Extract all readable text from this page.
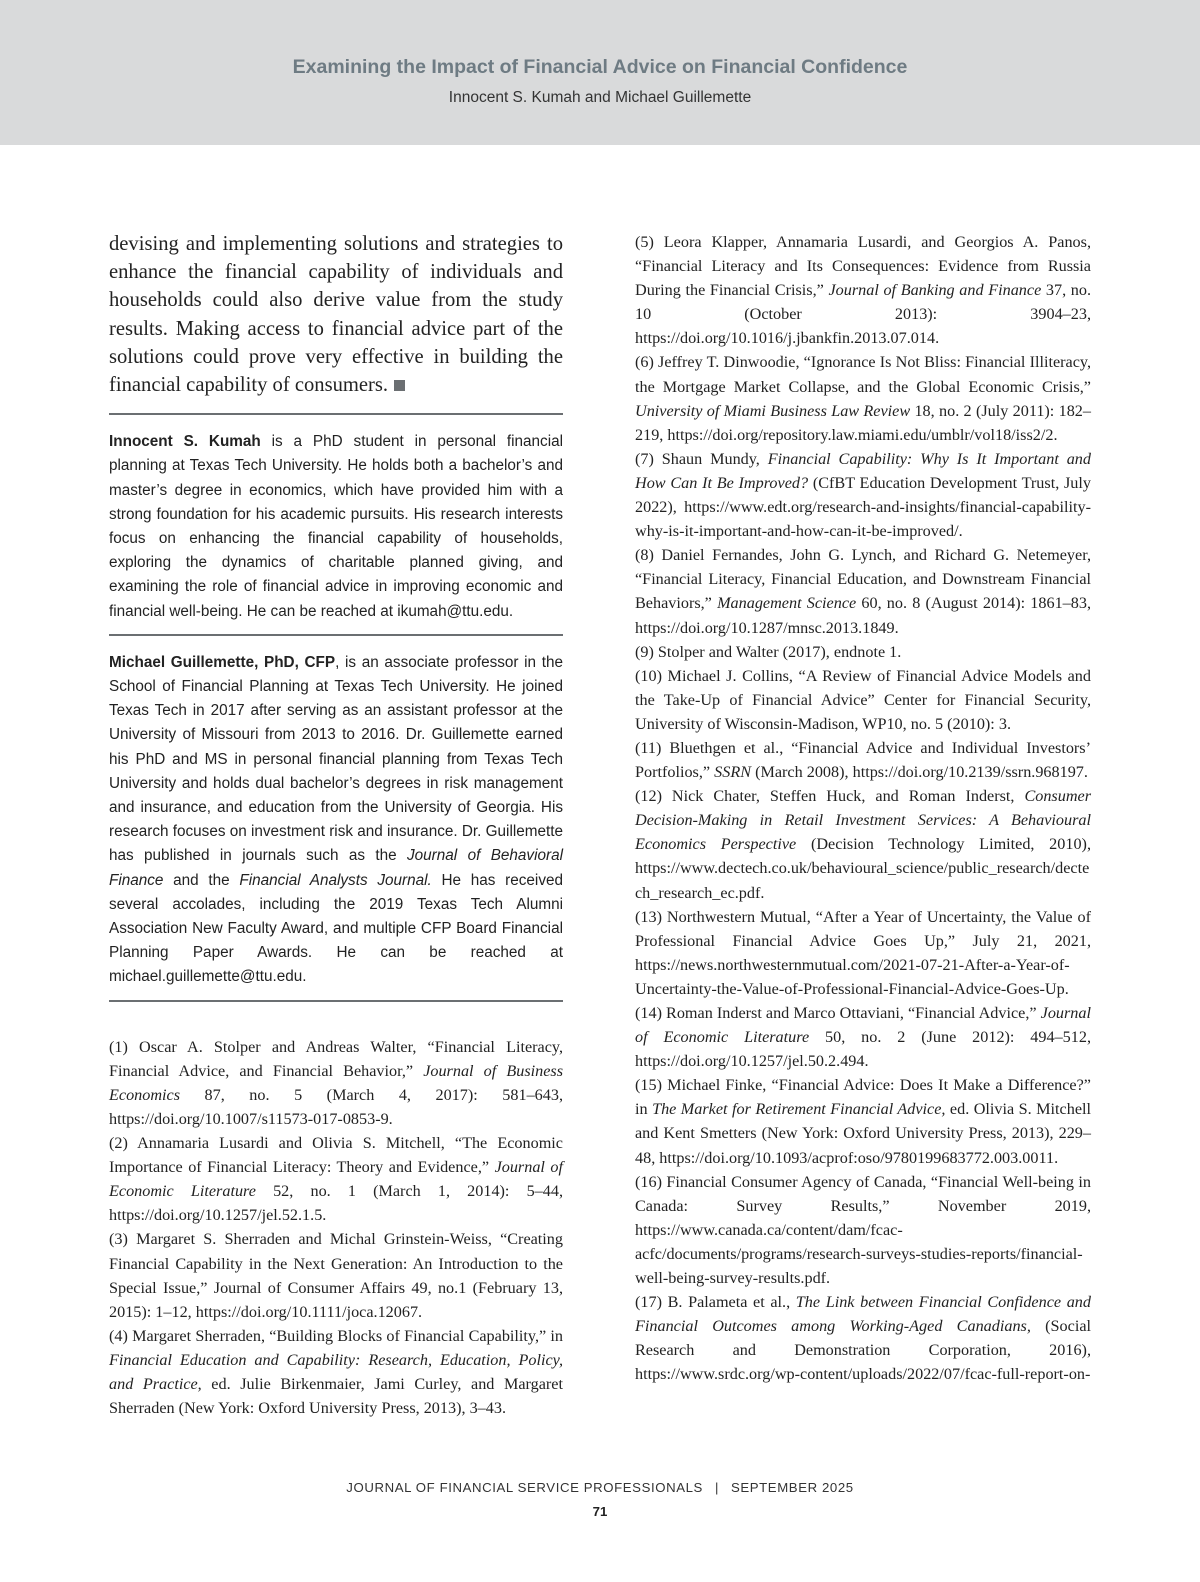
Examining the Impact of Financial Advice on Financial Confidence
Innocent S. Kumah and Michael Guillemette

devising and implementing solutions and strategies to enhance the financial capability of individuals and households could also derive value from the study results. Making access to financial advice part of the solutions could prove very effective in building the financial capability of consumers.

Innocent S. Kumah is a PhD student in personal financial planning at Texas Tech University. He holds both a bachelor’s and master’s degree in economics, which have provided him with a strong foundation for his academic pursuits. His research interests focus on enhancing the financial capability of households, exploring the dynamics of charitable planned giving, and examining the role of financial advice in improving economic and financial well-being. He can be reached at ikumah@ttu.edu.

Michael Guillemette, PhD, CFP, is an associate professor in the School of Financial Planning at Texas Tech University. He joined Texas Tech in 2017 after serving as an assistant professor at the University of Missouri from 2013 to 2016. Dr. Guillemette earned his PhD and MS in personal financial planning from Texas Tech University and holds dual bachelor’s degrees in risk management and insurance, and education from the University of Georgia. His research focuses on investment risk and insurance. Dr. Guillemette has published in journals such as the Journal of Behavioral Finance and the Financial Analysts Journal. He has received several accolades, including the 2019 Texas Tech Alumni Association New Faculty Award, and multiple CFP Board Financial Planning Paper Awards. He can be reached at michael.guillemette@ttu.edu.

(1) Oscar A. Stolper and Andreas Walter, “Financial Literacy, Financial Advice, and Financial Behavior,” Journal of Business Economics 87, no. 5 (March 4, 2017): 581–643, https://doi.org/10.1007/s11573-017-0853-9.

(2) Annamaria Lusardi and Olivia S. Mitchell, “The Economic Importance of Financial Literacy: Theory and Evidence,” Journal of Economic Literature 52, no. 1 (March 1, 2014): 5–44, https://doi.org/10.1257/jel.52.1.5.

(3) Margaret S. Sherraden and Michal Grinstein-Weiss, “Creating Financial Capability in the Next Generation: An Introduction to the Special Issue,” Journal of Consumer Affairs 49, no.1 (February 13, 2015): 1–12, https://doi.org/10.1111/joca.12067.

(4) Margaret Sherraden, “Building Blocks of Financial Capability,” in Financial Education and Capability: Research, Education, Policy, and Practice, ed. Julie Birkenmaier, Jami Curley, and Margaret Sherraden (New York: Oxford University Press, 2013), 3–43.

(5) Leora Klapper, Annamaria Lusardi, and Georgios A. Panos, “Financial Literacy and Its Consequences: Evidence from Russia During the Financial Crisis,” Journal of Banking and Finance 37, no. 10 (October 2013): 3904–23, https://doi.org/10.1016/j.jbankfin.2013.07.014.

(6) Jeffrey T. Dinwoodie, “Ignorance Is Not Bliss: Financial Illiteracy, the Mortgage Market Collapse, and the Global Economic Crisis,” University of Miami Business Law Review 18, no. 2 (July 2011): 182–219, https://doi.org/repository.law.miami.edu/umblr/vol18/iss2/2.

(7) Shaun Mundy, Financial Capability: Why Is It Important and How Can It Be Improved? (CfBT Education Development Trust, July 2022), https://www.edt.org/research-and-insights/financial-capability-why-is-it-important-and-how-can-it-be-improved/.

(8) Daniel Fernandes, John G. Lynch, and Richard G. Netemeyer, “Financial Literacy, Financial Education, and Downstream Financial Behaviors,” Management Science 60, no. 8 (August 2014): 1861–83, https://doi.org/10.1287/mnsc.2013.1849.

(9) Stolper and Walter (2017), endnote 1.

(10) Michael J. Collins, “A Review of Financial Advice Models and the Take-Up of Financial Advice” Center for Financial Security, University of Wisconsin-Madison, WP10, no. 5 (2010): 3.

(11) Bluethgen et al., “Financial Advice and Individual Investors’ Portfolios,” SSRN (March 2008), https://doi.org/10.2139/ssrn.968197.

(12) Nick Chater, Steffen Huck, and Roman Inderst, Consumer Decision-Making in Retail Investment Services: A Behavioural Economics Perspective (Decision Technology Limited, 2010), https://www.dectech.co.uk/behavioural_science/public_research/dectech_research_ec.pdf.

(13) Northwestern Mutual, “After a Year of Uncertainty, the Value of Professional Financial Advice Goes Up,” July 21, 2021, https://news.northwesternmutual.com/2021-07-21-After-a-Year-of-Uncertainty-the-Value-of-Professional-Financial-Advice-Goes-Up.

(14) Roman Inderst and Marco Ottaviani, “Financial Advice,” Journal of Economic Literature 50, no. 2 (June 2012): 494–512, https://doi.org/10.1257/jel.50.2.494.

(15) Michael Finke, “Financial Advice: Does It Make a Difference?” in The Market for Retirement Financial Advice, ed. Olivia S. Mitchell and Kent Smetters (New York: Oxford University Press, 2013), 229–48, https://doi.org/10.1093/acprof:oso/9780199683772.003.0011.

(16) Financial Consumer Agency of Canada, “Financial Well-being in Canada: Survey Results,” November 2019, https://www.canada.ca/content/dam/fcac-acfc/documents/programs/research-surveys-studies-reports/financial-well-being-survey-results.pdf.

(17) B. Palameta et al., The Link between Financial Confidence and Financial Outcomes among Working-Aged Canadians, (Social Research and Demonstration Corporation, 2016), https://www.srdc.org/wp-content/uploads/2022/07/fcac-full-report-on-

JOURNAL OF FINANCIAL SERVICE PROFESSIONALS | SEPTEMBER 2025
71
